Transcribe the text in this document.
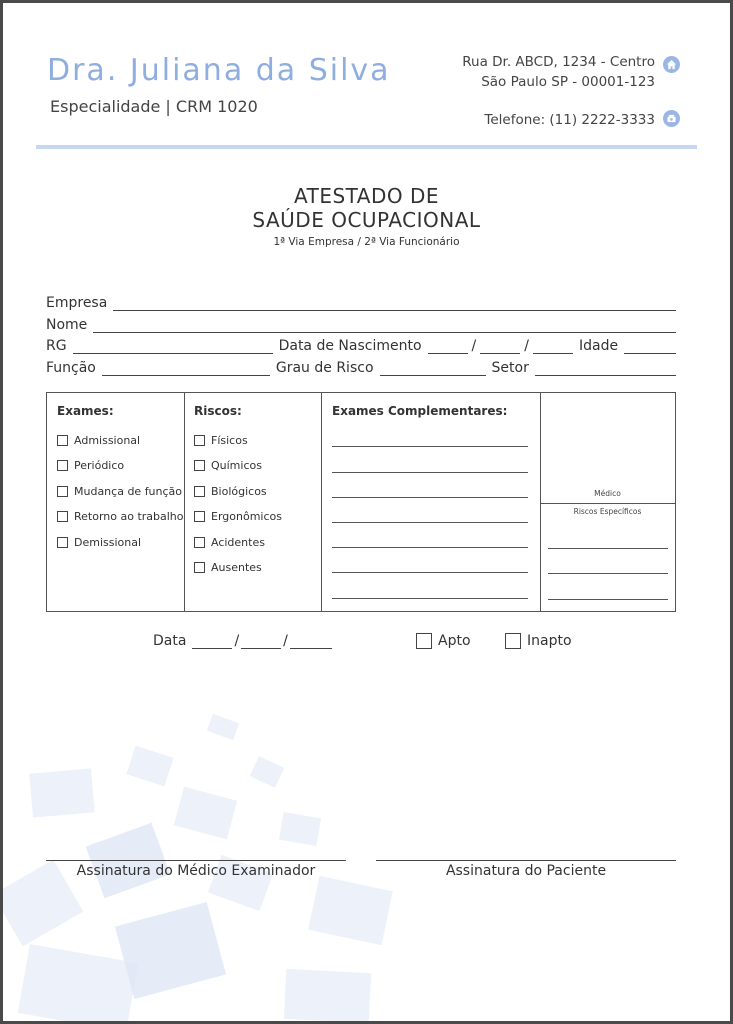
Dra. Juliana da Silva
Especialidade | CRM 1020
Rua Dr. ABCD, 1234 - Centro
São Paulo SP - 00001-123
Telefone: (11) 2222-3333
ATESTADO DE
SAÚDE OCUPACIONAL
1ª Via Empresa / 2ª Via Funcionário
Empresa
Nome
RG	Data de Nascimento	/	/	Idade
Função	Grau de Risco	Setor
Exames:
Admissional
Periódico
Mudança de função
Retorno ao trabalho
Demissional
Riscos:
Físicos
Químicos
Biológicos
Ergonômicos
Acidentes
Ausentes
Exames Complementares:
Médico
Riscos Específicos
Data	/	/	Apto	Inapto
Assinatura do Médico Examinador	Assinatura do Paciente
